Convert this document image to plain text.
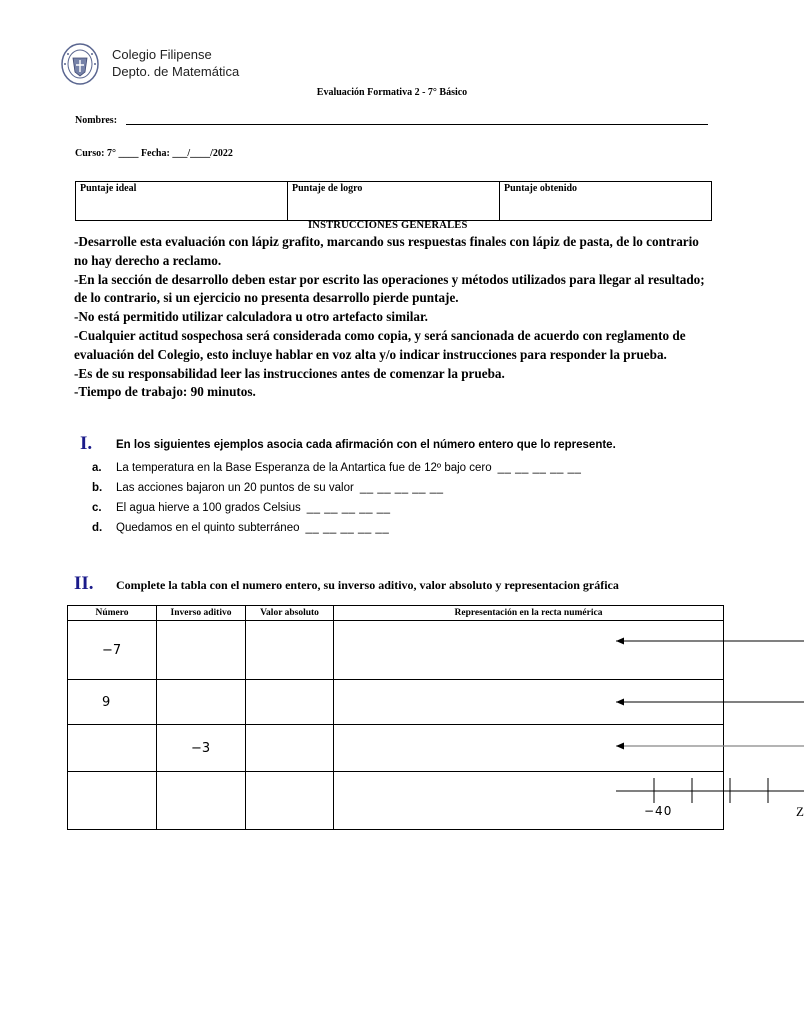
Colegio Filipense
Depto. de Matemática
Evaluación Formativa 2 - 7° Básico
Nombres:
Curso: 7° ____ Fecha: ___/____/2022
Puntaje ideal	Puntaje de logro	Puntaje obtenido
INSTRUCCIONES GENERALES

-Desarrolle esta evaluación con lápiz grafito, marcando sus respuestas finales con lápiz de pasta, de lo contrario no hay derecho a reclamo.

-En la sección de desarrollo deben estar por escrito las operaciones y métodos utilizados para llegar al resultado; de lo contrario, si un ejercicio no presenta desarrollo pierde puntaje.

-No está permitido utilizar calculadora u otro artefacto similar.

-Cualquier actitud sospechosa será considerada como copia, y será sancionada de acuerdo con reglamento de evaluación del Colegio, esto incluye hablar en voz alta y/o indicar instrucciones para responder la prueba.

-Es de su responsabilidad leer las instrucciones antes de comenzar la prueba.

-Tiempo de trabajo: 90 minutos.

I. En los siguientes ejemplos asocia cada afirmación con el número entero que lo represente.
a.	La temperatura en la Base Esperanza de la Antartica fue de 12º bajo cero __ __ __ __ __
b.	Las acciones bajaron un 20 puntos de su valor __ __ __ __ __
c.	El agua hierve a 100 grados Celsius __ __ __ __ __
d.	Quedamos en el quinto subterráneo __ __ __ __ __
II. Complete la tabla con el numero entero, su inverso aditivo, valor absoluto y representacion gráfica
Número	Inverso aditivo	Valor absoluto	Representación en la recta numérica
−7			
9			
	−3		

			−40 Z
